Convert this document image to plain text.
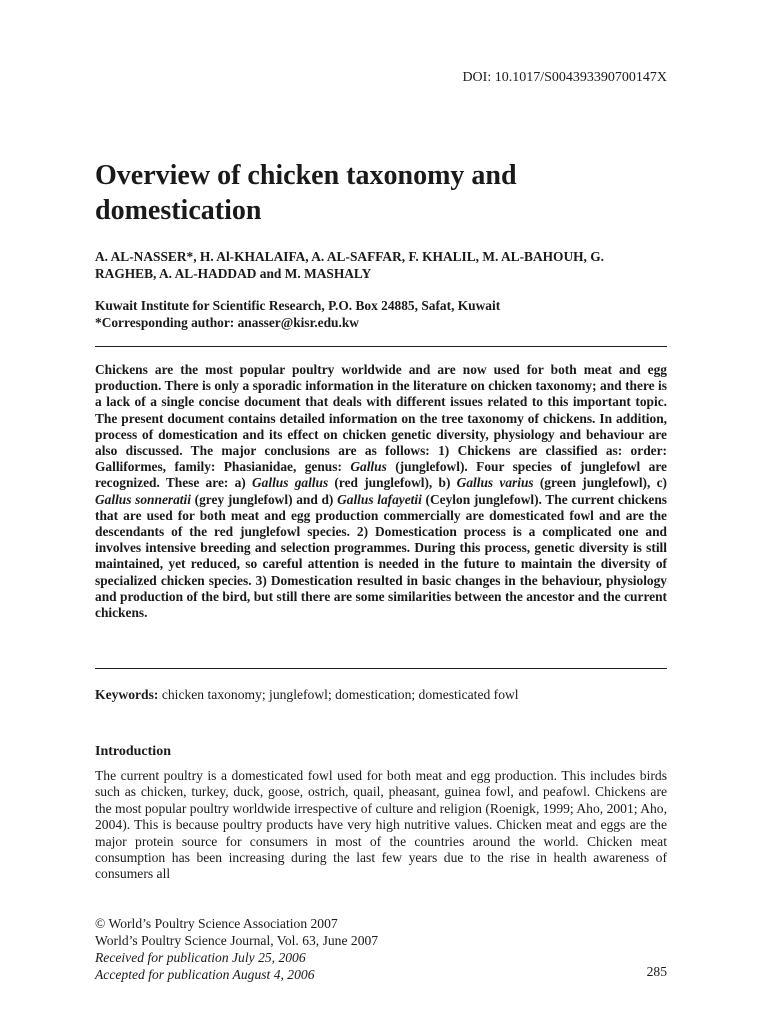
DOI: 10.1017/S004393390700147X
Overview of chicken taxonomy and domestication
A. AL-NASSER*, H. Al-KHALAIFA, A. AL-SAFFAR, F. KHALIL, M. AL-BAHOUH, G. RAGHEB, A. AL-HADDAD and M. MASHALY
Kuwait Institute for Scientific Research, P.O. Box 24885, Safat, Kuwait
*Corresponding author: anasser@kisr.edu.kw
Chickens are the most popular poultry worldwide and are now used for both meat and egg production. There is only a sporadic information in the literature on chicken taxonomy; and there is a lack of a single concise document that deals with different issues related to this important topic. The present document contains detailed information on the tree taxonomy of chickens. In addition, process of domestication and its effect on chicken genetic diversity, physiology and behaviour are also discussed. The major conclusions are as follows: 1) Chickens are classified as: order: Galliformes, family: Phasianidae, genus: Gallus (junglefowl). Four species of junglefowl are recognized. These are: a) Gallus gallus (red junglefowl), b) Gallus varius (green junglefowl), c) Gallus sonneratii (grey junglefowl) and d) Gallus lafayetii (Ceylon junglefowl). The current chickens that are used for both meat and egg production commercially are domesticated fowl and are the descendants of the red junglefowl species. 2) Domestication process is a complicated one and involves intensive breeding and selection programmes. During this process, genetic diversity is still maintained, yet reduced, so careful attention is needed in the future to maintain the diversity of specialized chicken species. 3) Domestication resulted in basic changes in the behaviour, physiology and production of the bird, but still there are some similarities between the ancestor and the current chickens.
Keywords: chicken taxonomy; junglefowl; domestication; domesticated fowl
Introduction
The current poultry is a domesticated fowl used for both meat and egg production. This includes birds such as chicken, turkey, duck, goose, ostrich, quail, pheasant, guinea fowl, and peafowl. Chickens are the most popular poultry worldwide irrespective of culture and religion (Roenigk, 1999; Aho, 2001; Aho, 2004). This is because poultry products have very high nutritive values. Chicken meat and eggs are the major protein source for consumers in most of the countries around the world. Chicken meat consumption has been increasing during the last few years due to the rise in health awareness of consumers all
© World’s Poultry Science Association 2007
World’s Poultry Science Journal, Vol. 63, June 2007
Received for publication July 25, 2006
Accepted for publication August 4, 2006	285
